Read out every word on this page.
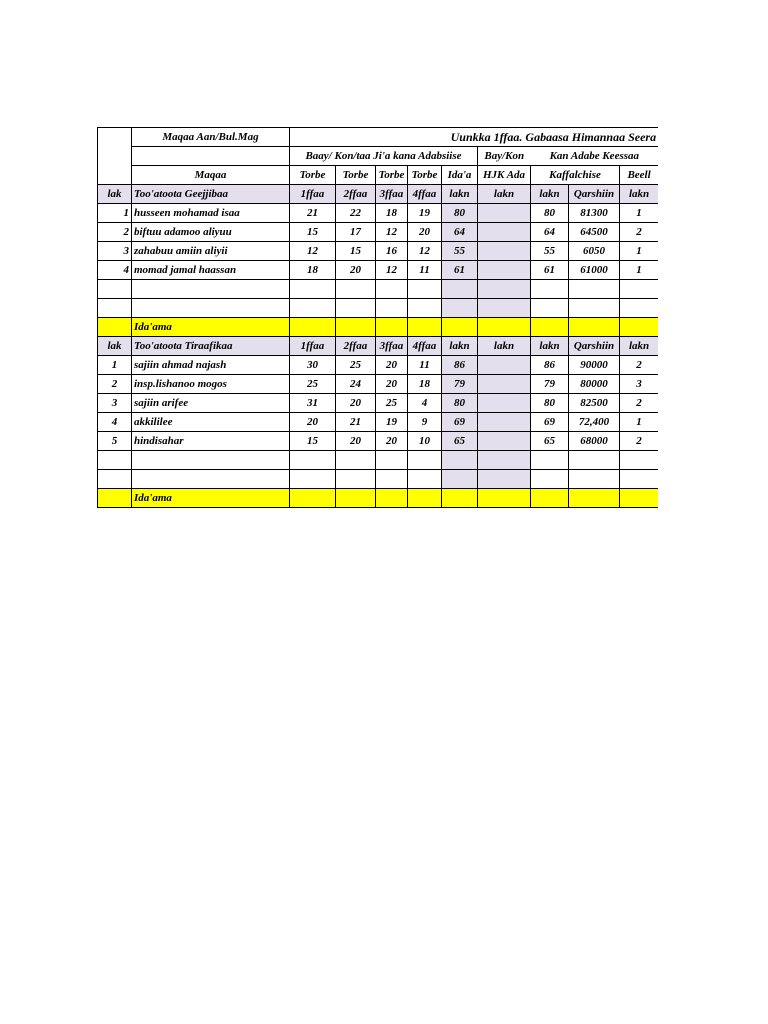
	Maqaa Aan/Bul.Mag	Uunkka 1ffaa. Gabaasa Himannaa Seera								
		Baay/ Kon/taa Ji'a kana Adabsiise					Bay/Kon	Kan Adabe Keessaa		
	Maqaa	Torbe	Torbe	Torbe	Torbe	Ida'a	HJK Ada	Kaffalchise		Beell
lak	Too'atoota Geejjibaa	1ffaa	2ffaa	3ffaa	4ffaa	lakn	lakn	lakn	Qarshiin	lakn
1	husseen mohamad isaa	21	22	18	19	80		80	81300	1
2	biftuu adamoo aliyuu	15	17	12	20	64		64	64500	2
3	zahabuu amiin aliyii	12	15	16	12	55		55	6050	1
4	momad jamal haassan	18	20	12	11	61		61	61000	1

	Ida'ama									
lak	Too'atoota Tiraafikaa	1ffaa	2ffaa	3ffaa	4ffaa	lakn	lakn	lakn	Qarshiin	lakn
1	sajiin ahmad najash	30	25	20	11	86		86	90000	2
2	insp.lishanoo mogos	25	24	20	18	79		79	80000	3
3	sajiin arifee	31	20	25	4	80		80	82500	2
4	akkililee	20	21	19	9	69		69	72,400	1
5	hindisahar	15	20	20	10	65		65	68000	2

	Ida'ama									
